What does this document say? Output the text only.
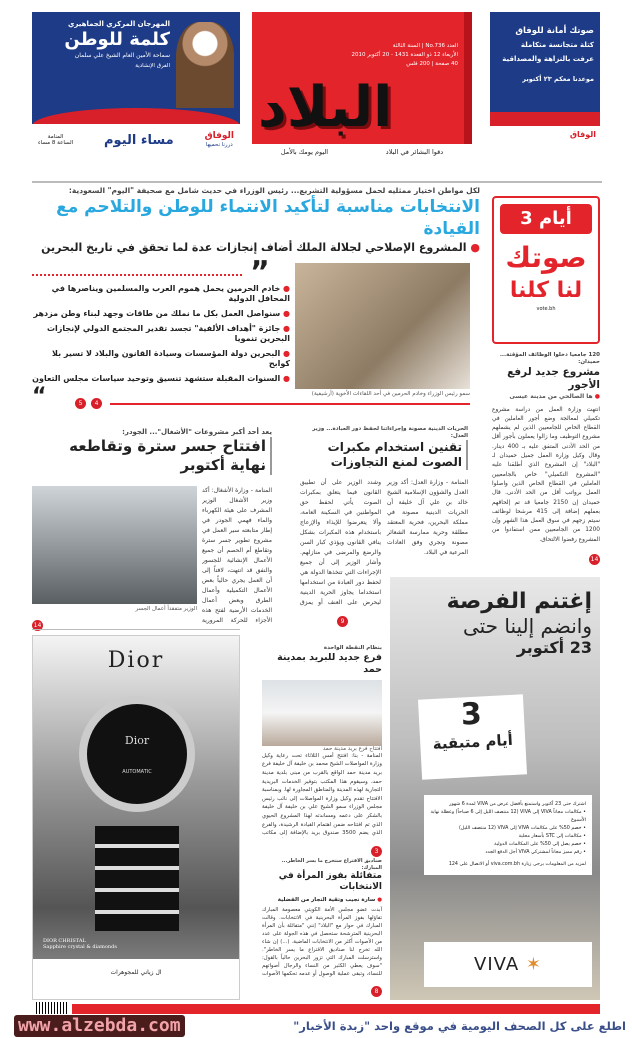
المهرجان المركزي الجماهيري
كلمة للوطن
سماحة الأمين العام الشيخ علي سلمان
الفرق الإنشادية
الوفاق
دررنا نحميها
مساء اليوم
المنامة
الساعة 8 مساء
العدد No.736 | السنة الثالثة
الأربعاء 12 ذو القعدة 1431 - 20 أكتوبر 2010
40 صفحة | 200 فلس
البلاد
اليوم يومك بالأمل	دقوا البشائر في البلاد
صوتك أمانة للوفاق
كتلة متجانسة متكاملة
عرفت بالنزاهة والمصداقية
موعدنا معكم ٢٣ أكتوبر
الوفاق
لكل مواطن اختيار ممثليه لحمل مسؤولية التشريع... رئيس الوزراء في حديث شامل مع صحيفة "اليوم" السعودية:
الانتخابات مناسبة لتأكيد الانتماء للوطن والتلاحم مع القيادة
● المشروع الإصلاحي لجلالة الملك أضاف إنجازات عدة لما تحقق في تاريخ البحرين
”
● خادم الحرمين يحمل هموم العرب والمسلمين ويناصرها في المحافل الدولية
● سنواصل العمل بكل ما نملك من طاقات وجهد لبناء وطن مزدهر
● جائزة "أهداف الألفية" تجسد تقدير المجتمع الدولي لإنجازات البحرين تنمويا
● البحرين دولة المؤسسات وسيادة القانون والبلاد لا تسير بلا كوابح
● السنوات المقبلة ستشهد تنسيق وتوحيد سياسات مجلس التعاون
“	5 4
سمو رئيس الوزراء وخادم الحرمين في أحد اللقاءات الأخوية (أرشيفية)
3 أيام
صوتك
لنا كلنا
vote.bh
120 جامعيا دخلوا الوظائف المؤقتة... حميدان:
مشروع جديد لرفع الأجور
● ها الصالحي من مدينة عيسى
انتهت وزارة العمل من دراسة مشروع تكميلي لمعالجة وضع أجور العاملين في القطاع الخاص للجامعيين الذين لم يشملهم مشروع التوظيف وما زالوا يعملون بأجور أقل من الحد الأدنى المتفق عليه بـ 400 دينار. وقال وكيل وزارة العمل جميل حميدان لـ "البلاد" إن المشروع الذي أطلقنا عليه "المشروع التكميلي" خاص بالجامعيين العاملين في القطاع الخاص الذين واصلوا العمل برواتب أقل من الحد الأدنى. قال حميدان إن 2150 جامعيا قد تم إلحاقهم بعملهم إضافة إلى 415 مرشحا لوظائف سيتم زجهم في سوق العمل هذا الشهر وإن 1200 من الجامعيين ممن استفادوا من المشروع رفضوا الالتحاق.
14
الحريات الدينية مصونة وإجراءاتنا لحفظ دور العبادة... وزير العدل:
تقنين استخدام مكبرات الصوت لمنع التجاوزات
المنامة - وزارة العدل: أكد وزير العدل والشؤون الإسلامية الشيخ خالد بن علي آل خليفة أن الحريات الدينية مصونة في مملكة البحرين، فحرية المعتقد مطلقة وحرية ممارسة الشعائر مصونة وتجري وفق العادات المرعية في البلاد.
وشدد الوزير على أن تطبيق القانون فيما يتعلق بمكبرات الصوت يأتي لحفظ حق المواطنين في السكينة العامة، وألا يتعرضوا للإيذاء والإزعاج باستخدام هذه المكبرات بشكل ينافي القانون ويؤذي كبار السن والرضع والمرضى في منازلهم. وأشار الوزير إلى أن جميع الإجراءات التي تتخذها الدولة هي لحفظ دور العبادة من استخدامها استخداما يجاوز الحرية الدينية ليحرض على العنف أو يمزق
9
يعد أحد أكبر مشروعات "الأشغال"... الجودر:
افتتاح جسر سترة وتقاطعه نهاية أكتوبر
الوزير متفقداً أعمال الجسر
المنامة - وزارة الأشغال: أكد وزير الأشغال الوزير المشرف على هيئة الكهرباء والماء فهمي الجودر في إطار متابعته سير العمل في مشروع تطوير جسر سترة وتقاطع أم الحصم أن جميع الأعمال الإنشائية للجسور والنفق قد انتهت، لافتاً إلى أن العمل يجري حالياً بعض الأعمال التكميلية وأعمال الطرق وبعض أعمال الخدمات الأرضية لفتح هذه الأجزاء للحركة المرورية
14
إغتنم الفرصة
وانضم إلينا حتى
23 أكتوبر
3
أيام متبقية
اشترك حتى 23 أكتوبر واستمتع بأفضل عرض من VIVA لمدة 6 شهور
• مكالمات مجاناً VIVA إلى VIVA (12 منتصف الليل إلى 6 صباحاً) وعطلة نهاية الأسبوع
• خصم 50% على مكالمات VIVA إلى VIVA (12 منتصف الليل)
• مكالمات إلى STC بأسعار محلية
• خصم يصل إلى 50% على المكالمات الدولية
• رقم مميز مجاناً لمشتركي VIVA أجل الدفع الجدد
لمزيد من المعلومات يرجى زيارة viva.com.bh أو الاتصال على 124
VIVA ✶
بنظام النقطة الواحدة
فرع جديد للبريد بمدينة حمد
افتتاح فرع بريد مدينة حمد
المنامة - بنا: افتتح أمس الثلاثاء تحت رعاية وكيل وزارة المواصلات الشيخ محمد بن خليفة آل خليفة فرع بريد مدينة حمد الواقع بالقرب من مبنى بلدية مدينة حمد، وسيقوم هذا المكتب بتوفير الخدمات البريدية التجارية لهذه المدينة والمناطق المجاورة لها. وبمناسبة الافتتاح تقدم وكيل وزارة المواصلات إلى نائب رئيس مجلس الوزراء سمو الشيخ علي بن خليفة آل خليفة بالشكر على دعمه ومساندته لهذا المشروع الحيوي الذي تم افتتاحه ضمن اهتمام القيادة الرشيدة، والفرع الذي يضم 3500 صندوق بريد بالإضافة إلى مكاتب
3
Dior
Dior
AUTOMATIC
DIOR CHRISTAL
Sapphire crystal & diamonds
ال زياني للمجوهرات
صناديق الاقتراع ستخرج ما يسر الخاطر... المبارك:
متفائلة بفوز المرأة في الانتخابات
● سارة نجيب وتقية النجار من الفضلية
أبدت عضو مجلس الأمة الكويتي معصومة المبارك تفاؤلها بفوز المرأة البحرينية في الانتخابات. وقالت المبارك في حوار مع "البلاد" إنني "متفائلة بأن المرأة البحرينية المترشحة ستحصل في هذه الجولة على عدد من الأصوات أكثر من الانتخابات الماضية. (...) إن شاء الله تخرج لنا صناديق الاقتراع ما يسر الخاطر". واسترسلت المبارك التي تزور البحرين حالياً بالقول: "سوف يعطي الكثير من النساء والرجال أصواتهم للنساء، وتبقى عملية الوصول أو عدمه تحكمها الأصوات
8
www.alzebda.com	اطلع على كل الصحف اليومية في موقع واحد "زبدة الأخبار"
